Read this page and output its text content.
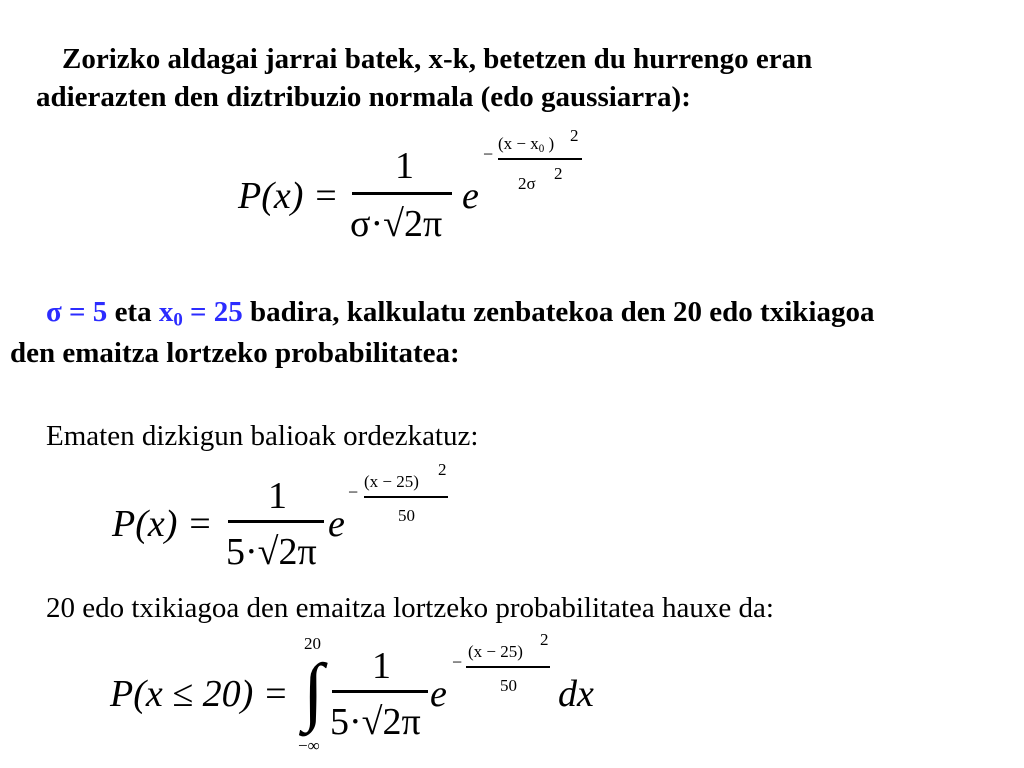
Zorizko aldagai jarrai batek, x-k, betetzen du hurrengo eran
adierazten den diztribuzio normala (edo gaussiarra):
P(x) =
1
σ·√2π
e
−
($x - x_0$ ) 2
2σ
2
σ = 5 eta $x_0 = 25$ badira, kalkulatu zenbatekoa den 20 edo txikiagoa
den emaitza lortzeko probabilitatea:
Ematen dizkigun balioak ordezkatuz:
P(x) =
1
5·√2π
e
−
(x − 25)
2
50
20 edo txikiagoa den emaitza lortzeko probabilitatea hauxe da:
P(x ≤ 20) =
20
∫
−∞
1
5·√2π
e
−
(x − 25)
2
50 dx
